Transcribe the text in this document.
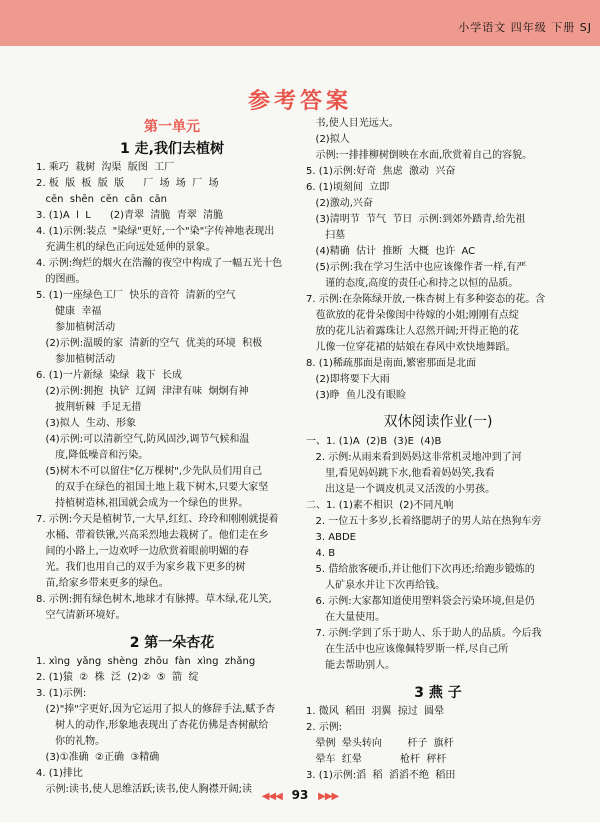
小学语文 四年级 下册 SJ
参考答案
第一单元
1 走,我们去植树
1. 乘巧  栽树  沟渠  版图  工厂
2. 板  版  板  版  版      厂  场  场  厂  场
cēn  shēn  cēn  cān  cān
3. (1)A  l  L      (2)青翠  清脆  青翠  清脆
4. (1)示例:装点  "染绿"更好,一个"染"字传神地表现出
充满生机的绿色正向远处延伸的景象。
4. 示例:绚烂的烟火在浩瀚的夜空中构成了一幅五光十色
的图画。
5. (1)一座绿色工厂  快乐的音符  清新的空气
健康  幸福
参加植树活动
(2)示例:温暖的家  清新的空气  优美的环境  积极
参加植树活动
6. (1)一片新绿  染绿  栽下  长成
(2)示例:拥抱  执铲  辽阔  津津有味  炯炯有神
披荆斩棘  手足无措
(3)拟人  生动、形象
(4)示例:可以清新空气,防风固沙,调节气候和温
度,降低噪音和污染。
(5)树木不可以留住"亿万棵树",少先队员们用自己
的双手在绿色的祖国土地上栽下树木,只要大家坚
持植树造林,祖国就会成为一个绿色的世界。
7. 示例:今天是植树节,一大早,红红、玲玲和刚刚就提着
水桶、带着铁锹,兴高采烈地去栽树了。他们走在乡
间的小路上,一边欢呼一边欣赏着眼前明媚的春
光。我们也用自己的双手为家乡栽下更多的树
苗,给家乡带来更多的绿色。
8. 示例:拥有绿色树木,地球才有脉搏。草木绿,花儿笑,
空气清新环境好。
2 第一朵杏花
1. xìng  yǎng  shèng  zhōu  fàn  xìng  zhǎng
2. (1)猿  ②  株  泛  (2)②  ⑤  箭  绽
3. (1)示例:
(2)"捧"字更好,因为它运用了拟人的修辞手法,赋予杏
树人的动作,形象地表现出了杏花仿佛是杏树献给
你的礼物。
(3)①准确  ②正确  ③精确
4. (1)排比
示例:读书,使人思维活跃;读书,使人胸襟开阔;读
书,使人目光远大。
(2)拟人
示例:一排排柳树倒映在水面,欣赏着自己的容貌。
5. (1)示例:好奇  焦虑  激动  兴奋
6. (1)顷刻间  立即
(2)激动,兴奋
(3)清明节  节气  节日  示例:到郊外踏青,给先祖
扫墓
(4)精确  估计  推断  大概  也许  AC
(5)示例:我在学习生活中也应该像作者一样,有严
谨的态度,高度的责任心和持之以恒的品质。
7. 示例:在杂陈绿开放,一株杏树上有多种姿态的花。含
苞欲放的花骨朵像闺中待嫁的小姐;刚刚有点绽
放的花儿沾着露珠让人忍然开阔;开得正艳的花
儿像一位穿花裙的姑娘在春风中欢快地舞蹈。
8. (1)稀疏那面是南面,繁密那面是北面
(2)即将要下大雨
(3)睁  鱼儿没有眼睑
双休阅读作业(一)
一、1. (1)A  (2)B  (3)E  (4)B
2. 示例:从雨来看到妈妈这非常机灵地冲到了河
里,看见妈妈跳下水,他看着妈妈笑,我看
出这是一个调皮机灵又活泼的小男孩。
二、1. (1)素不相识  (2)不同凡响
2. 一位五十多岁,长着络腮胡子的男人站在热狗车旁
3. ABDE
4. B
5. 借给旅客硬币,并让他们下次再还;给跑步锻炼的
人矿泉水并让下次再给钱。
6. 示例:大家都知道使用塑料袋会污染环境,但是仍
在大量使用。
7. 示例:学到了乐于助人、乐于助人的品质。今后我
在生活中也应该像佩特罗斯一样,尽自己所
能去帮助别人。
3 燕 子
1. 微风  稻田  羽翼  掠过  圆晕
2. 示例:
晕例  晕头转向        杆子  旗杆
晕车  红晕            枪杆  秤杆
3. (1)示例:滔  稻  滔滔不绝  稻田
◀◀◀ 93 ▶▶▶
